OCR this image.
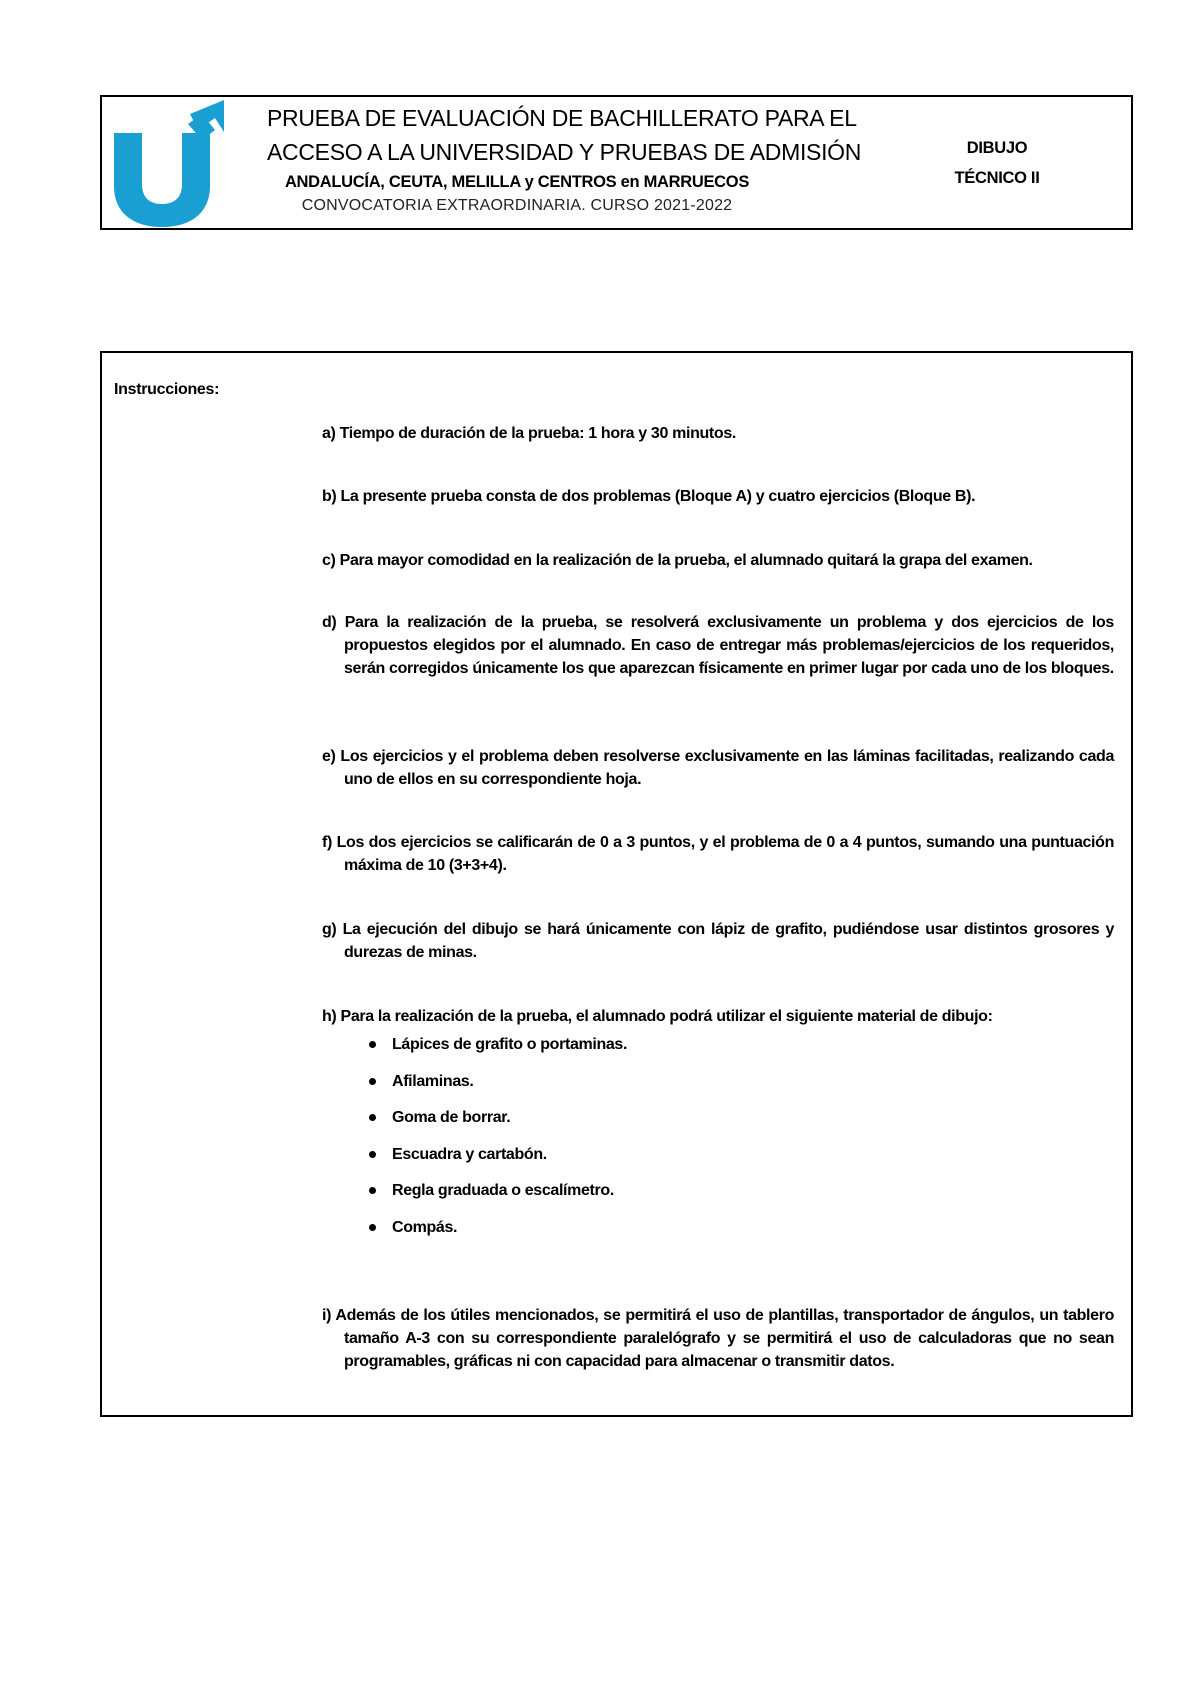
PRUEBA DE EVALUACIÓN DE BACHILLERATO PARA EL
ACCESO A LA UNIVERSIDAD Y PRUEBAS DE ADMISIÓN
ANDALUCÍA, CEUTA, MELILLA y CENTROS en MARRUECOS
CONVOCATORIA EXTRAORDINARIA. CURSO 2021-2022
DIBUJO
TÉCNICO II
Instrucciones:
a) Tiempo de duración de la prueba: 1 hora y 30 minutos.
b) La presente prueba consta de dos problemas (Bloque A) y cuatro ejercicios (Bloque B).
c) Para mayor comodidad en la realización de la prueba, el alumnado quitará la grapa del examen.
d) Para la realización de la prueba, se resolverá exclusivamente un problema y dos ejercicios de los propuestos elegidos por el alumnado. En caso de entregar más problemas/ejercicios de los requeridos, serán corregidos únicamente los que aparezcan físicamente en primer lugar por cada uno de los bloques.
e) Los ejercicios y el problema deben resolverse exclusivamente en las láminas facilitadas, realizando cada uno de ellos en su correspondiente hoja.
f) Los dos ejercicios se calificarán de 0 a 3 puntos, y el problema de 0 a 4 puntos, sumando una puntuación máxima de 10 (3+3+4).
g) La ejecución del dibujo se hará únicamente con lápiz de grafito, pudiéndose usar distintos grosores y durezas de minas.
h) Para la realización de la prueba, el alumnado podrá utilizar el siguiente material de dibujo:
Lápices de grafito o portaminas.
Afilaminas.
Goma de borrar.
Escuadra y cartabón.
Regla graduada o escalímetro.
Compás.
i) Además de los útiles mencionados, se permitirá el uso de plantillas, transportador de ángulos, un tablero tamaño A-3 con su correspondiente paralelógrafo y se permitirá el uso de calculadoras que no sean programables, gráficas ni con capacidad para almacenar o transmitir datos.
